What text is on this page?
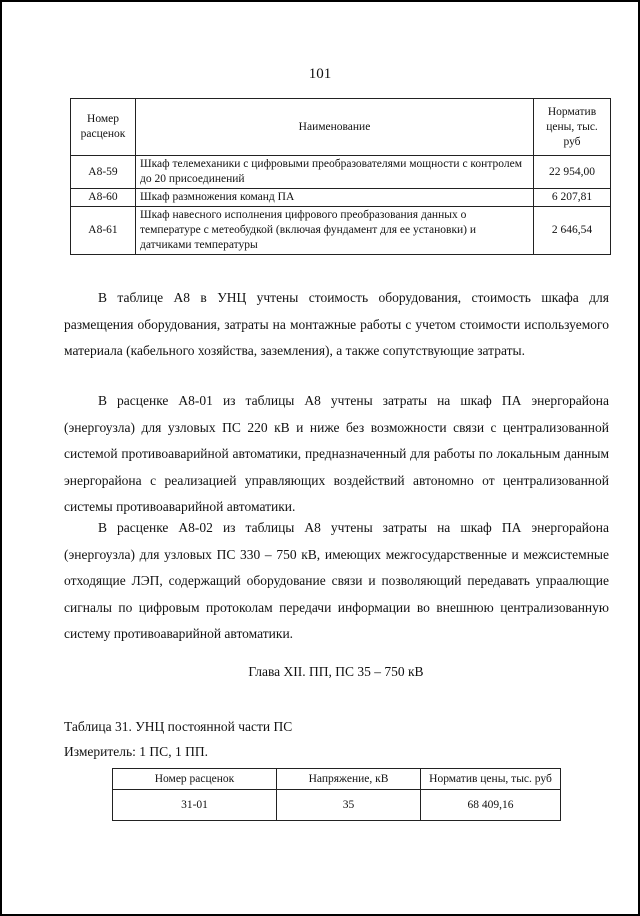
101
Номер расценок	Наименование	Норматив цены, тыс. руб
А8-59	Шкаф телемеханики с цифровыми преобразователями мощности с контролем до 20 присоединений	22 954,00
А8-60	Шкаф размножения команд ПА	6 207,81
А8-61	Шкаф навесного исполнения цифрового преобразования данных о температуре с метеобудкой (включая фундамент для ее установки) и датчиками температуры	2 646,54

В таблице А8 в УНЦ учтены стоимость оборудования, стоимость шкафа для размещения оборудования, затраты на монтажные работы с учетом стоимости используемого материала (кабельного хозяйства, заземления), а также сопутствующие затраты.

В расценке А8-01 из таблицы А8 учтены затраты на шкаф ПА энергорайона (энергоузла) для узловых ПС 220 кВ и ниже без возможности связи с централизованной системой противоаварийной автоматики, предназначенный для работы по локальным данным энергорайона с реализацией управляющих воздействий автономно от централизованной системы противоаварийной автоматики.

В расценке А8-02 из таблицы А8 учтены затраты на шкаф ПА энергорайона (энергоузла) для узловых ПС 330 – 750 кВ, имеющих межгосударственные и межсистемные отходящие ЛЭП, содержащий оборудование связи и позволяющий передавать упраалющие сигналы по цифровым протоколам передачи информации во внешнюю централизованную систему противоаварийной автоматики.

Глава XII. ПП, ПС 35 – 750 кВ
Таблица 31. УНЦ постоянной части ПС
Измеритель: 1 ПС, 1 ПП.
Номер расценок	Напряжение, кВ	Норматив цены, тыс. руб
31-01	35	68 409,16
